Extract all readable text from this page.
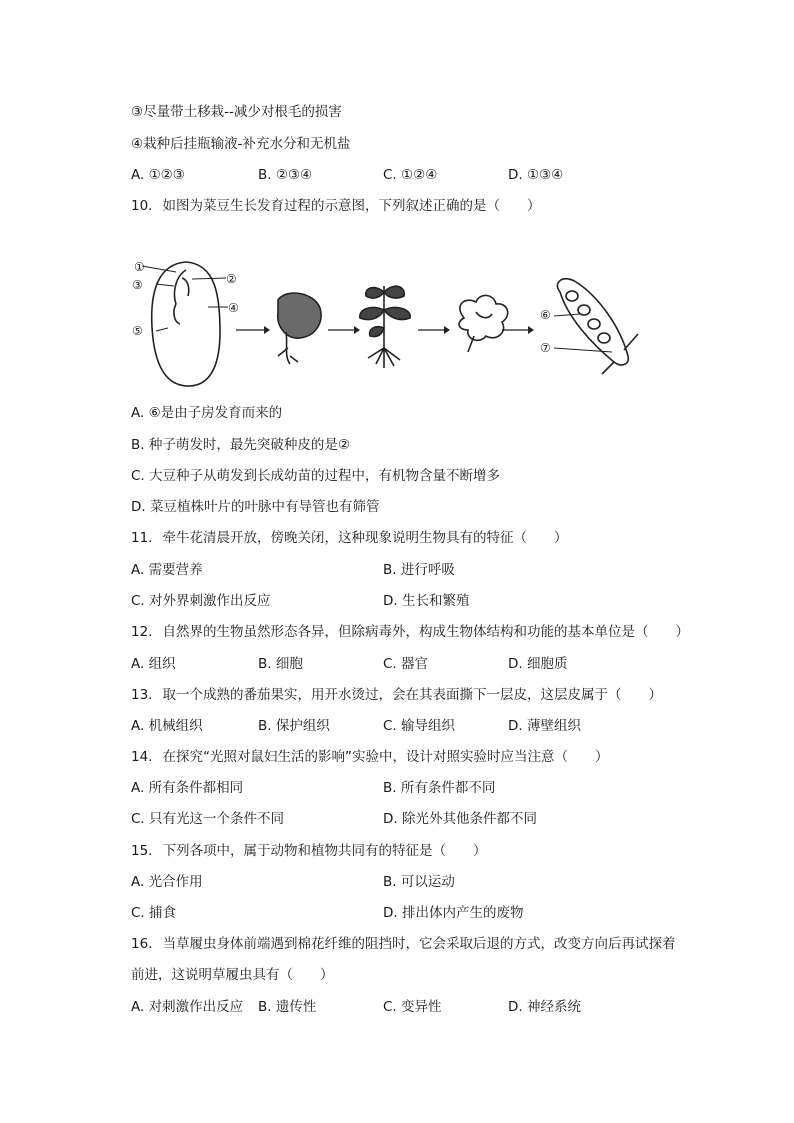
③尽量带土移栽--减少对根毛的损害
④栽种后挂瓶输液-补充水分和无机盐
A. ①②③	B. ②③④	C. ①②④	D. ①③④
10. 如图为菜豆生长发育过程的示意图，下列叙述正确的是（　　）
①
②
③
④
⑤
⑥
⑦
A. ⑥是由子房发育而来的
B. 种子萌发时，最先突破种皮的是②
C. 大豆种子从萌发到长成幼苗的过程中，有机物含量不断增多
D. 菜豆植株叶片的叶脉中有导管也有筛管
11. 牵牛花清晨开放，傍晚关闭，这种现象说明生物具有的特征（　　）
A. 需要营养	B. 进行呼吸
C. 对外界刺激作出反应	D. 生长和繁殖
12. 自然界的生物虽然形态各异，但除病毒外，构成生物体结构和功能的基本单位是（　　）
A. 组织	B. 细胞	C. 器官	D. 细胞质
13. 取一个成熟的番茄果实，用开水烫过，会在其表面撕下一层皮，这层皮属于（　　）
A. 机械组织	B. 保护组织	C. 输导组织	D. 薄壁组织
14. 在探究“光照对鼠妇生活的影响”实验中，设计对照实验时应当注意（　　）
A. 所有条件都相同	B. 所有条件都不同
C. 只有光这一个条件不同	D. 除光外其他条件都不同
15. 下列各项中，属于动物和植物共同有的特征是（　　）
A. 光合作用	B. 可以运动
C. 捕食	D. 排出体内产生的废物
16. 当草履虫身体前端遇到棉花纤维的阻挡时，它会采取后退的方式，改变方向后再试探着
前进，这说明草履虫具有（　　）
A. 对刺激作出反应 B. 遗传性	C. 变异性	D. 神经系统
